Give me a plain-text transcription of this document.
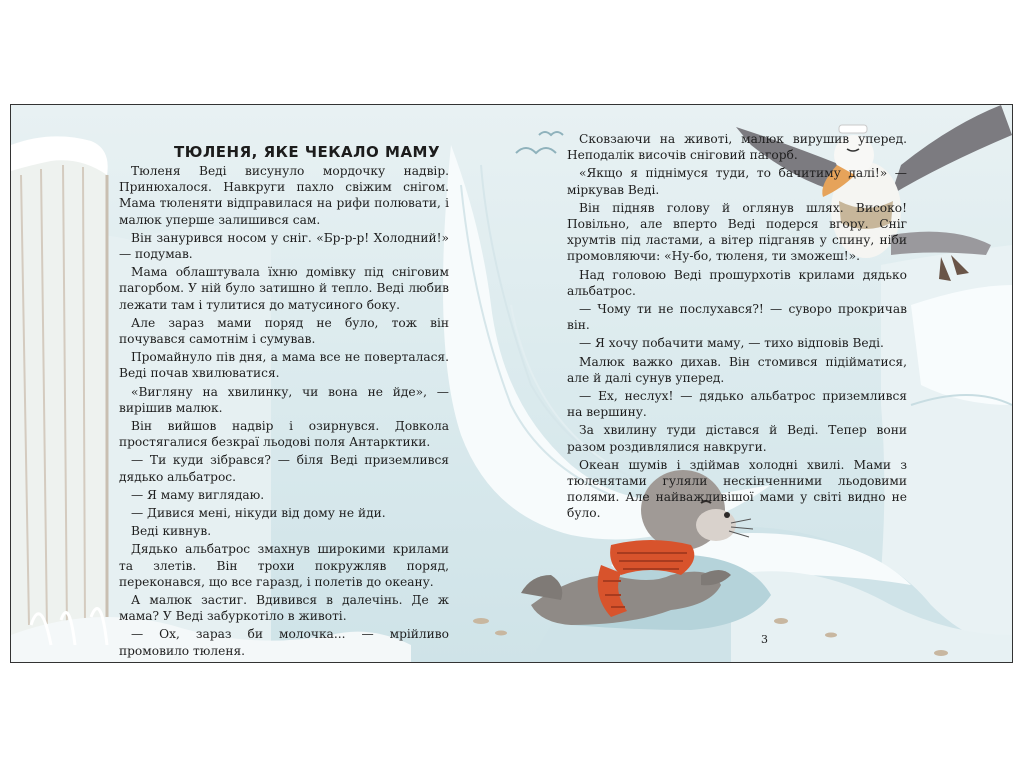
ТЮЛЕНЯ, ЯКЕ ЧЕКАЛО МАМУ

Тюленя Веді висунуло мордочку надвір. Принюхалося. Навкруги пахло свіжим снігом. Мама тюленяти відправилася на рифи полювати, і малюк уперше залишився сам.

Він занурився носом у сніг. «Бр-р-р! Холодний!» — подумав.

Мама облаштувала їхню домівку під сніговим пагорбом. У ній було затишно й тепло. Веді любив лежати там і тулитися до матусиного боку.

Але зараз мами поряд не було, тож він почувався самотнім і сумував.

Промайнуло пів дня, а мама все не поверталася. Веді почав хвилюватися.

«Вигляну на хвилинку, чи вона не йде», — вирішив малюк.

Він вийшов надвір і озирнувся. Довкола простягалися безкраї льодові поля Антарктики.

— Ти куди зібрався? — біля Веді приземлився дядько альбатрос.

— Я маму виглядаю.

— Дивися мені, нікуди від дому не йди.

Веді кивнув.

Дядько альбатрос змахнув широкими крилами та злетів. Він трохи покружляв поряд, переконався, що все гаразд, і полетів до океану.

А малюк застиг. Вдивився в далечінь. Де ж мама? У Веді забуркотіло в животі.

— Ох, зараз би молочка... — мрійливо промовило тюленя.

Сковзаючи на животі, малюк вирушив уперед. Неподалік височів сніговий пагорб.

«Якщо я піднімуся туди, то бачитиму далі!» — міркував Веді.

Він підняв голову й оглянув шлях. Високо! Повільно, але вперто Веді подерся вгору. Сніг хрумтів під ластами, а вітер підганяв у спину, ніби промовляючи: «Ну-бо, тюленя, ти зможеш!».

Над головою Веді прошурхотів крилами дядько альбатрос.

— Чому ти не послухався?! — суворо прокричав він.

— Я хочу побачити маму, — тихо відповів Веді.

Малюк важко дихав. Він стомився підійматися, але й далі сунув уперед.

— Ех, неслух! — дядько альбатрос приземлився на вершину.

За хвилину туди дістався й Веді. Тепер вони разом роздивлялися навкруги.

Океан шумів і здіймав холодні хвилі. Мами з тюленятами гуляли нескінченними льодовими полями. Але найважливішої мами у світі видно не було.

3
